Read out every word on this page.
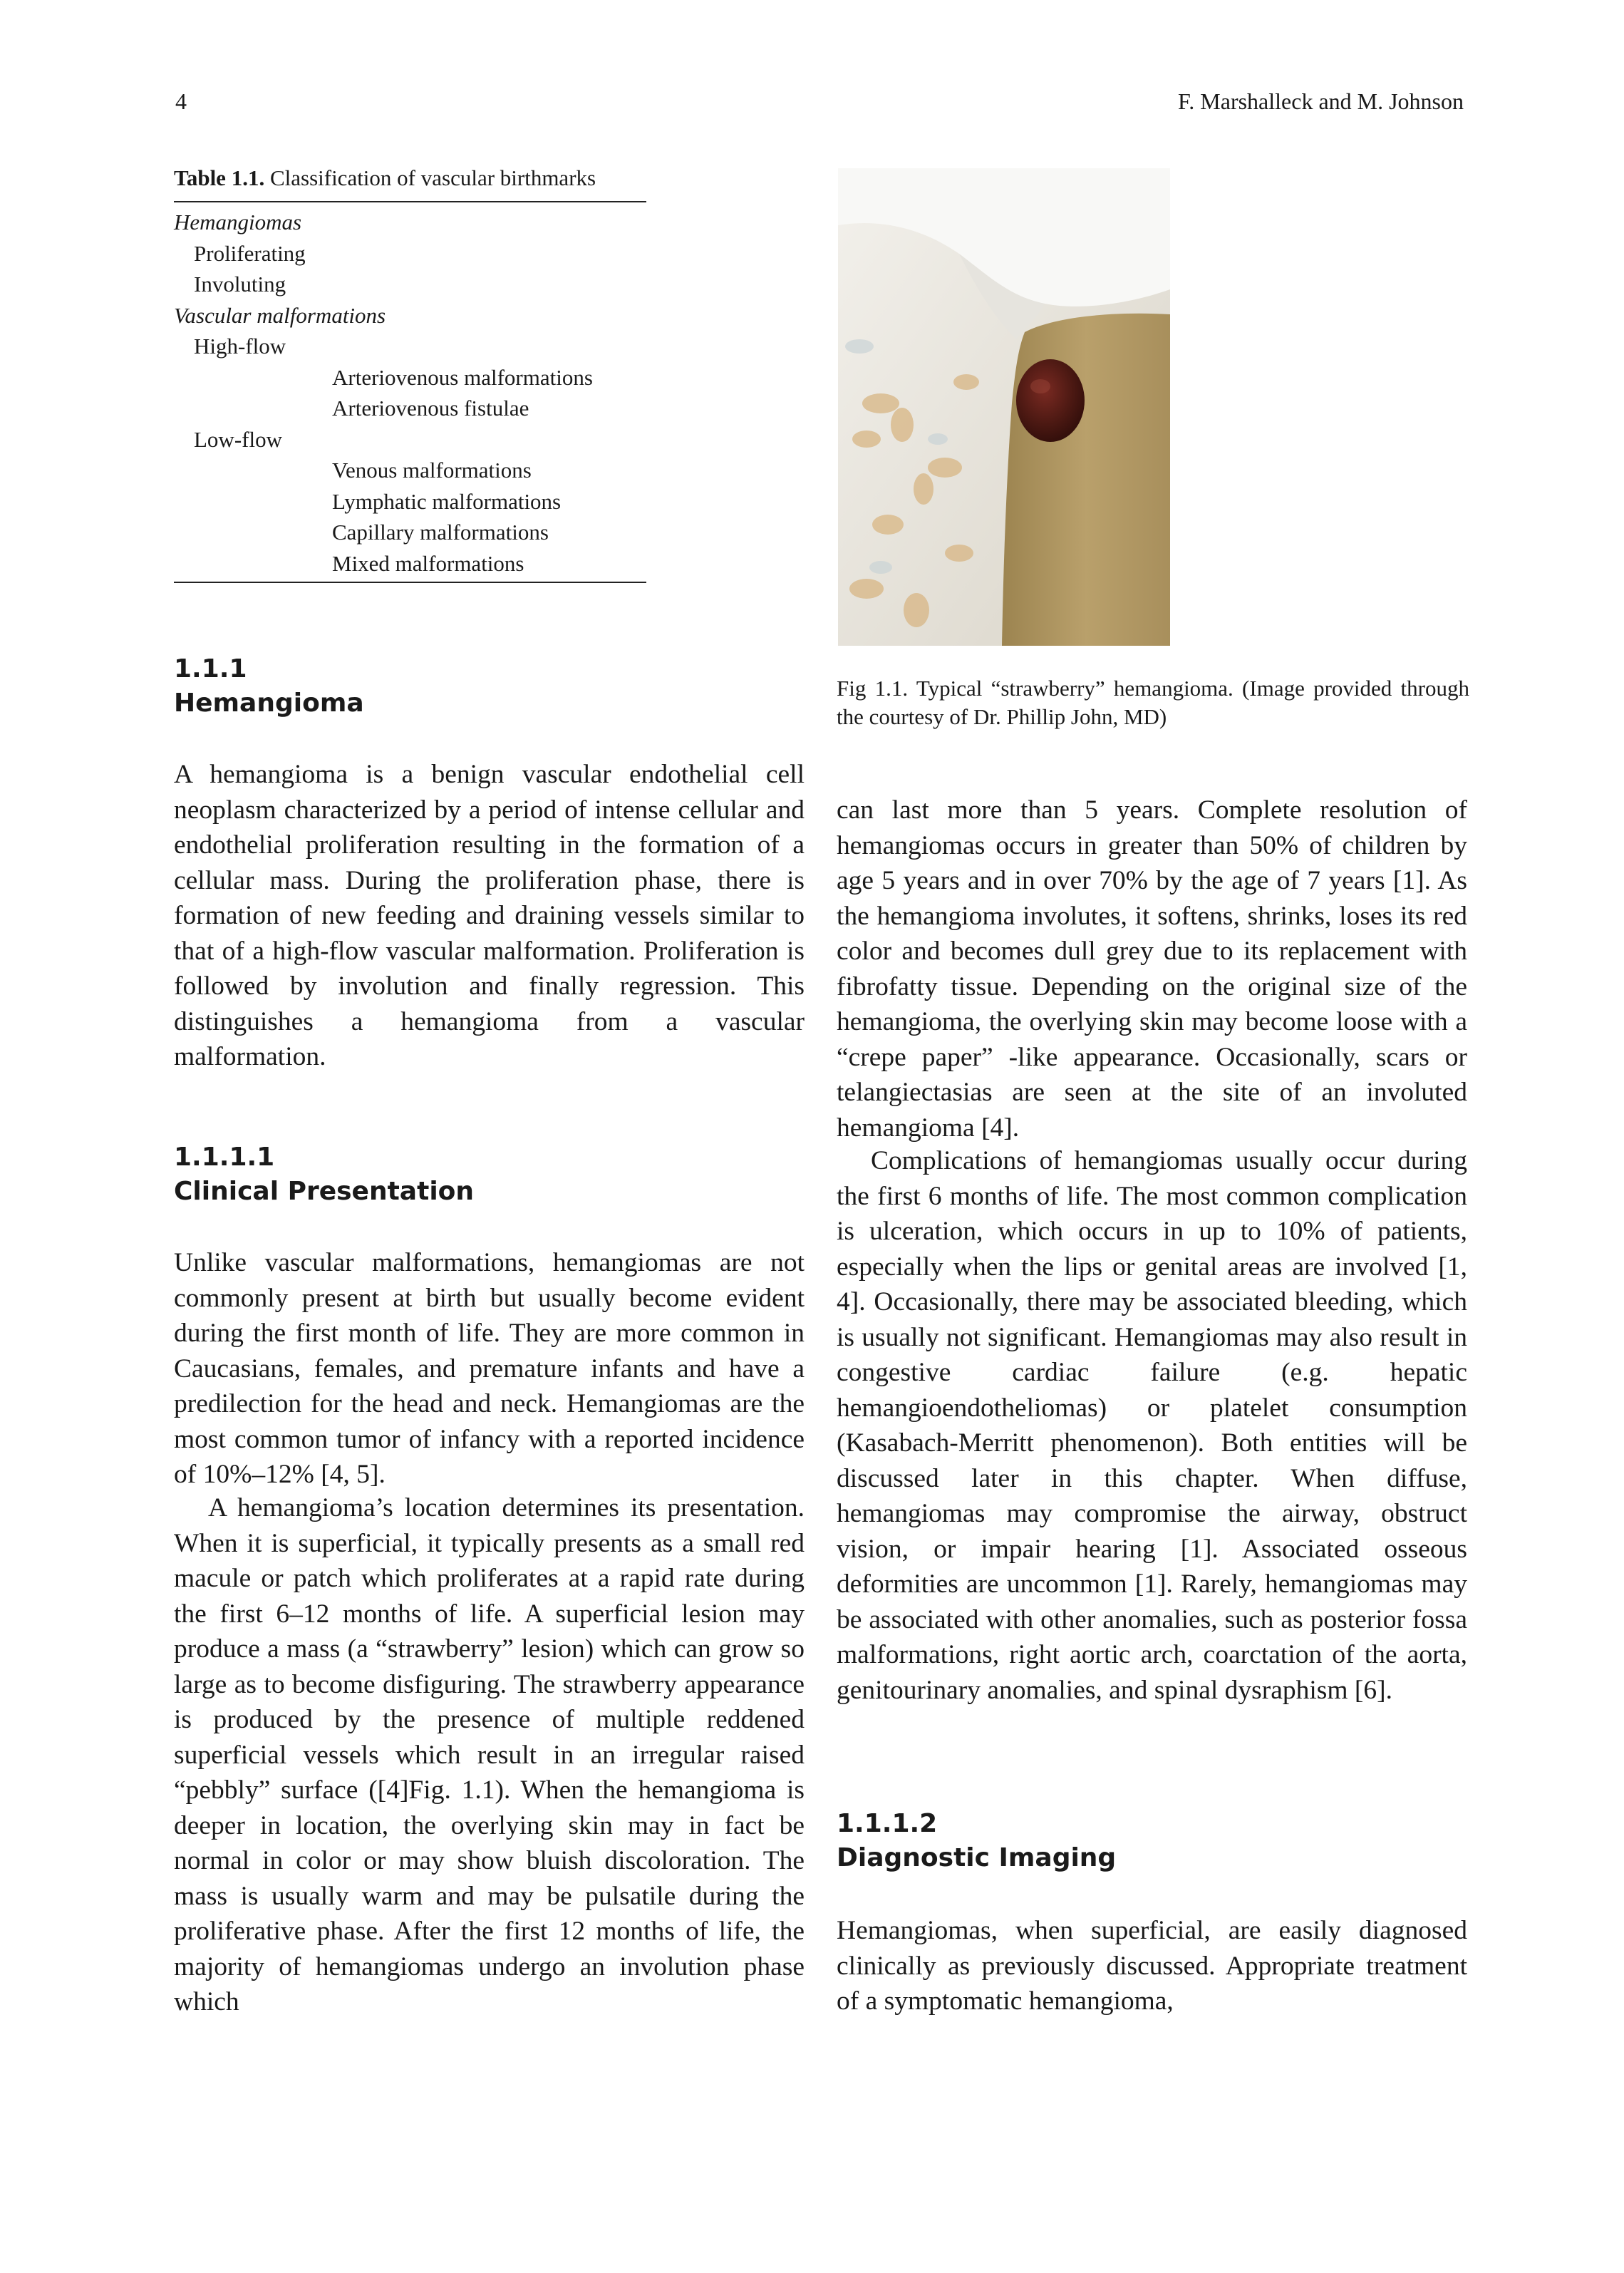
4	F. Marshalleck and M. Johnson
Table 1.1. Classification of vascular birthmarks
Hemangiomas
Proliferating
Involuting
Vascular malformations
High-flow
Arteriovenous malformations
Arteriovenous fistulae
Low-flow
Venous malformations
Lymphatic malformations
Capillary malformations
Mixed malformations
Fig 1.1. Typical “strawberry” hemangioma. (Image provided through the courtesy of Dr. Phillip John, MD)
1.1.1
Hemangioma
A hemangioma is a benign vascular endothelial cell neoplasm characterized by a period of intense cellular and endothelial proliferation resulting in the formation of a cellular mass. During the proliferation phase, there is formation of new feeding and draining vessels similar to that of a high-flow vascular malformation. Proliferation is followed by involution and finally regression. This distinguishes a hemangioma from a vascular malformation.
1.1.1.1
Clinical Presentation
Unlike vascular malformations, hemangiomas are not commonly present at birth but usually become evident during the first month of life. They are more common in Caucasians, females, and premature infants and have a predilection for the head and neck. Hemangiomas are the most common tumor of infancy with a reported incidence of 10%–12% [4, 5].
A hemangioma’s location determines its presentation. When it is superficial, it typically presents as a small red macule or patch which proliferates at a rapid rate during the first 6–12 months of life. A superficial lesion may produce a mass (a “strawberry” lesion) which can grow so large as to become disfiguring. The strawberry appearance is produced by the presence of multiple reddened superficial vessels which result in an irregular raised “pebbly” surface ([4]Fig. 1.1). When the hemangioma is deeper in location, the overlying skin may in fact be normal in color or may show bluish discoloration. The mass is usually warm and may be pulsatile during the proliferative phase. After the first 12 months of life, the majority of hemangiomas undergo an involution phase which
can last more than 5 years. Complete resolution of hemangiomas occurs in greater than 50% of children by age 5 years and in over 70% by the age of 7 years [1]. As the hemangioma involutes, it softens, shrinks, loses its red color and becomes dull grey due to its replacement with fibrofatty tissue. Depending on the original size of the hemangioma, the overlying skin may become loose with a “crepe paper” -like appearance. Occasionally, scars or telangiectasias are seen at the site of an involuted hemangioma [4].
Complications of hemangiomas usually occur during the first 6 months of life. The most common complication is ulceration, which occurs in up to 10% of patients, especially when the lips or genital areas are involved [1, 4]. Occasionally, there may be associated bleeding, which is usually not significant. Hemangiomas may also result in congestive cardiac failure (e.g. hepatic hemangioendotheliomas) or platelet consumption (Kasabach-Merritt phenomenon). Both entities will be discussed later in this chapter. When diffuse, hemangiomas may compromise the airway, obstruct vision, or impair hearing [1]. Associated osseous deformities are uncommon [1]. Rarely, hemangiomas may be associated with other anomalies, such as posterior fossa malformations, right aortic arch, coarctation of the aorta, genitourinary anomalies, and spinal dysraphism [6].
1.1.1.2
Diagnostic Imaging
Hemangiomas, when superficial, are easily diagnosed clinically as previously discussed. Appropriate treatment of a symptomatic hemangioma,
